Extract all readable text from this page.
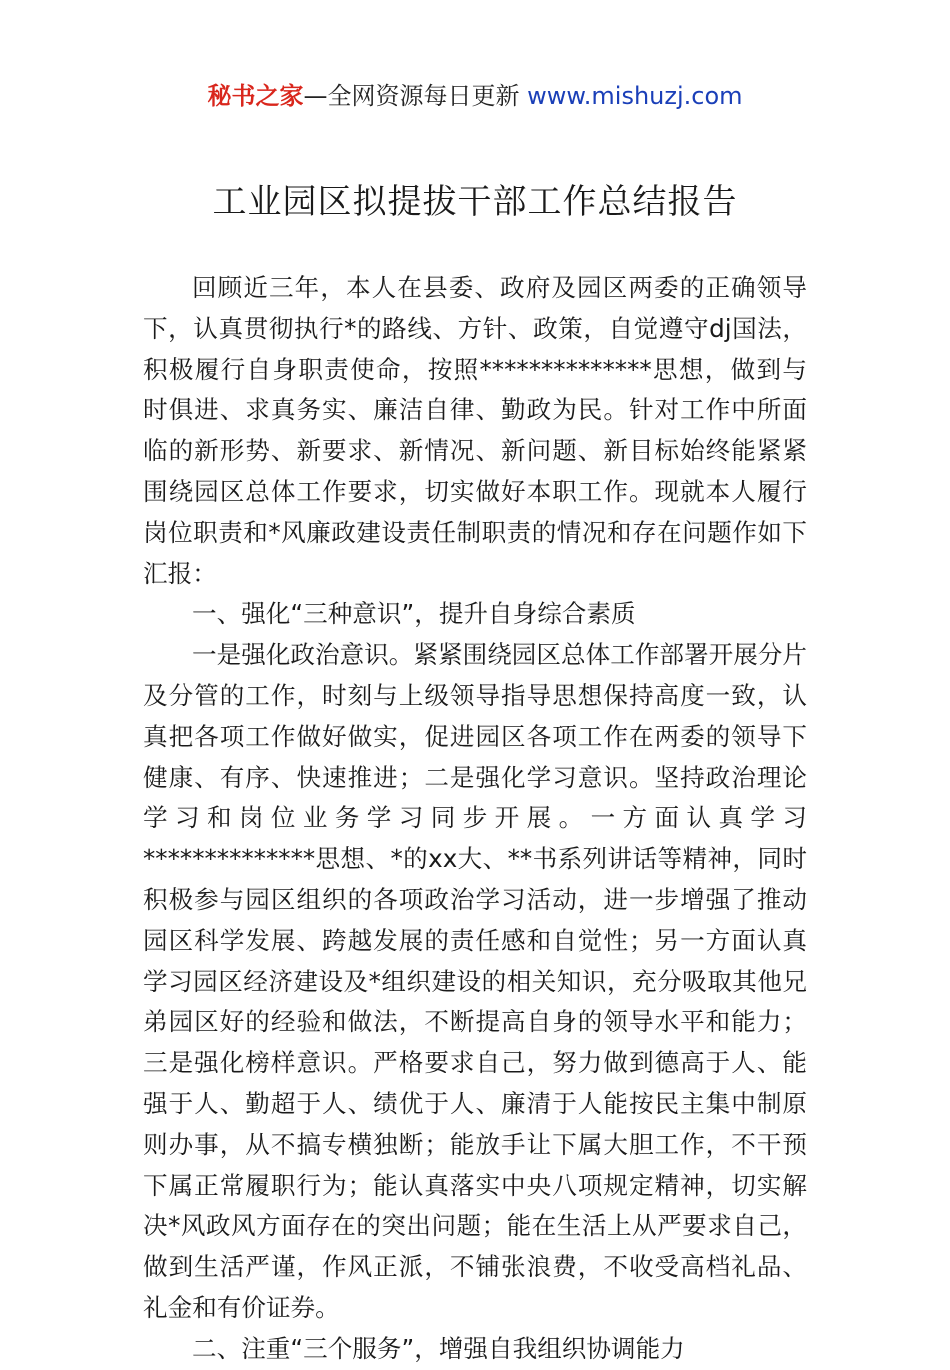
秘书之家—全网资源每日更新 www.mishuzj.com
工业园区拟提拔干部工作总结报告

回顾近三年，本人在县委、政府及园区两委的正确领导下，认真贯彻执行*的路线、方针、政策，自觉遵守dj国法，积极履行自身职责使命，按照**************思想，做到与时俱进、求真务实、廉洁自律、勤政为民。针对工作中所面临的新形势、新要求、新情况、新问题、新目标始终能紧紧围绕园区总体工作要求，切实做好本职工作。现就本人履行岗位职责和*风廉政建设责任制职责的情况和存在问题作如下汇报：

一、强化“三种意识”，提升自身综合素质

一是强化政治意识。紧紧围绕园区总体工作部署开展分片及分管的工作，时刻与上级领导指导思想保持高度一致，认真把各项工作做好做实，促进园区各项工作在两委的领导下健康、有序、快速推进；二是强化学习意识。坚持政治理论学习和岗位业务学习同步开展。一方面认真学习**************思想、*的xx大、**书系列讲话等精神，同时积极参与园区组织的各项政治学习活动，进一步增强了推动园区科学发展、跨越发展的责任感和自觉性；另一方面认真学习园区经济建设及*组织建设的相关知识，充分吸取其他兄弟园区好的经验和做法，不断提高自身的领导水平和能力；三是强化榜样意识。严格要求自己，努力做到德高于人、能强于人、勤超于人、绩优于人、廉清于人能按民主集中制原则办事，从不搞专横独断；能放手让下属大胆工作，不干预下属正常履职行为；能认真落实中央八项规定精神，切实解决*风政风方面存在的突出问题；能在生活上从严要求自己，做到生活严谨，作风正派，不铺张浪费，不收受高档礼品、礼金和有价证券。

二、注重“三个服务”，增强自我组织协调能力
